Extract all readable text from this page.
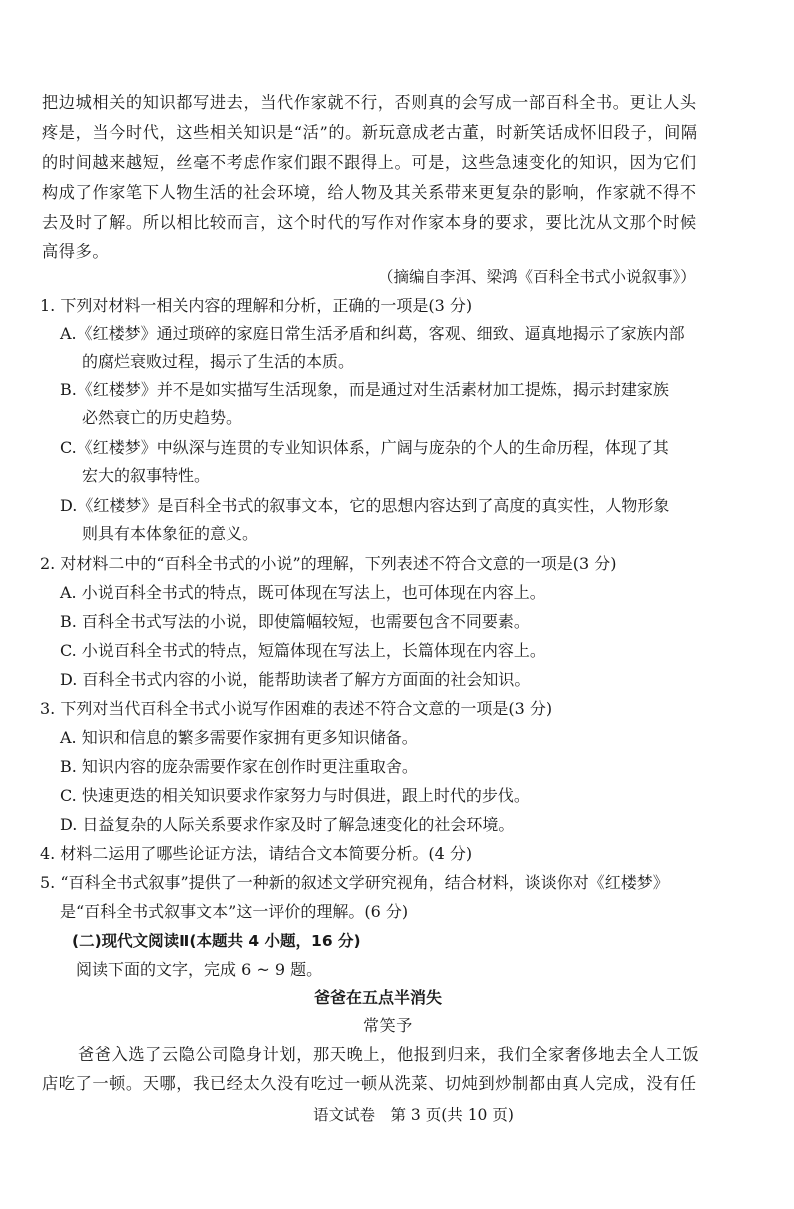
把边城相关的知识都写进去，当代作家就不行，否则真的会写成一部百科全书。更让人头
疼是，当今时代，这些相关知识是“活”的。新玩意成老古董，时新笑话成怀旧段子，间隔
的时间越来越短，丝毫不考虑作家们跟不跟得上。可是，这些急速变化的知识，因为它们
构成了作家笔下人物生活的社会环境，给人物及其关系带来更复杂的影响，作家就不得不
去及时了解。所以相比较而言，这个时代的写作对作家本身的要求，要比沈从文那个时候
高得多。
（摘编自李洱、梁鸿《百科全书式小说叙事》）
1. 下列对材料一相关内容的理解和分析，正确的一项是(3 分)
A.《红楼梦》通过琐碎的家庭日常生活矛盾和纠葛，客观、细致、逼真地揭示了家族内部
的腐烂衰败过程，揭示了生活的本质。
B.《红楼梦》并不是如实描写生活现象，而是通过对生活素材加工提炼，揭示封建家族
必然衰亡的历史趋势。
C.《红楼梦》中纵深与连贯的专业知识体系，广阔与庞杂的个人的生命历程，体现了其
宏大的叙事特性。
D.《红楼梦》是百科全书式的叙事文本，它的思想内容达到了高度的真实性，人物形象
则具有本体象征的意义。
2. 对材料二中的“百科全书式的小说”的理解，下列表述不符合文意的一项是(3 分)
A. 小说百科全书式的特点，既可体现在写法上，也可体现在内容上。
B. 百科全书式写法的小说，即使篇幅较短，也需要包含不同要素。
C. 小说百科全书式的特点，短篇体现在写法上，长篇体现在内容上。
D. 百科全书式内容的小说，能帮助读者了解方方面面的社会知识。
3. 下列对当代百科全书式小说写作困难的表述不符合文意的一项是(3 分)
A. 知识和信息的繁多需要作家拥有更多知识储备。
B. 知识内容的庞杂需要作家在创作时更注重取舍。
C. 快速更迭的相关知识要求作家努力与时俱进，跟上时代的步伐。
D. 日益复杂的人际关系要求作家及时了解急速变化的社会环境。
4. 材料二运用了哪些论证方法，请结合文本简要分析。(4 分)
5. “百科全书式叙事”提供了一种新的叙述文学研究视角，结合材料，谈谈你对《红楼梦》
是“百科全书式叙事文本”这一评价的理解。(6 分)
(二)现代文阅读Ⅱ(本题共 4 小题，16 分)
阅读下面的文字，完成 6 ~ 9 题。
爸爸在五点半消失
常笑予
爸爸入选了云隐公司隐身计划，那天晚上，他报到归来，我们全家奢侈地去全人工饭
店吃了一顿。天哪，我已经太久没有吃过一顿从洗菜、切炖到炒制都由真人完成，没有任
语文试卷　第 3 页(共 10 页)
